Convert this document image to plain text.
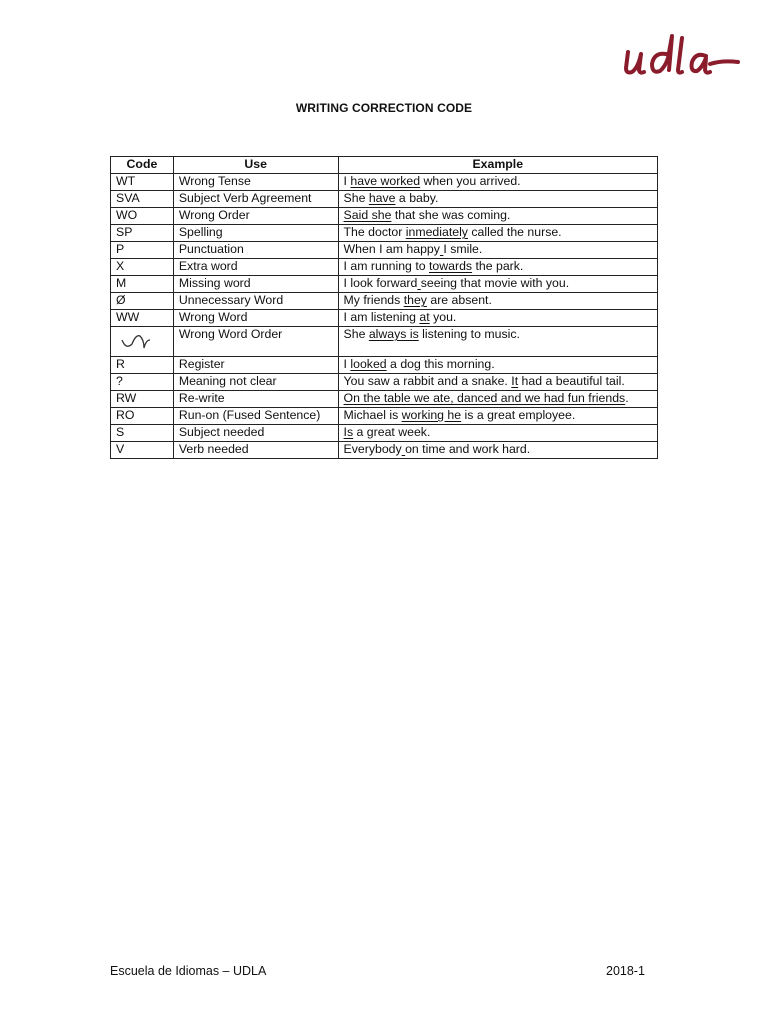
WRITING CORRECTION CODE
Code	Use	Example
WT	Wrong Tense	I have worked when you arrived.
SVA	Subject Verb Agreement	She have a baby.
WO	Wrong Order	Said she that she was coming.
SP	Spelling	The doctor inmediately called the nurse.
P	Punctuation	When I am happy I smile.
X	Extra word	I am running to towards the park.
M	Missing word	I look forward seeing that movie with you.
Ø	Unnecessary Word	My friends they are absent.
WW	Wrong Word	I am listening at you.

	Wrong Word Order	She always is listening to music.
R	Register	I looked a dog this morning.
?	Meaning not clear	You saw a rabbit and a snake. It had a beautiful tail.
RW	Re-write	On the table we ate, danced and we had fun friends.
RO	Run-on (Fused Sentence)	Michael is working he is a great employee.
S	Subject needed	Is a great week.
V	Verb needed	Everybody on time and work hard.
Escuela de Idiomas – UDLA	2018-1
